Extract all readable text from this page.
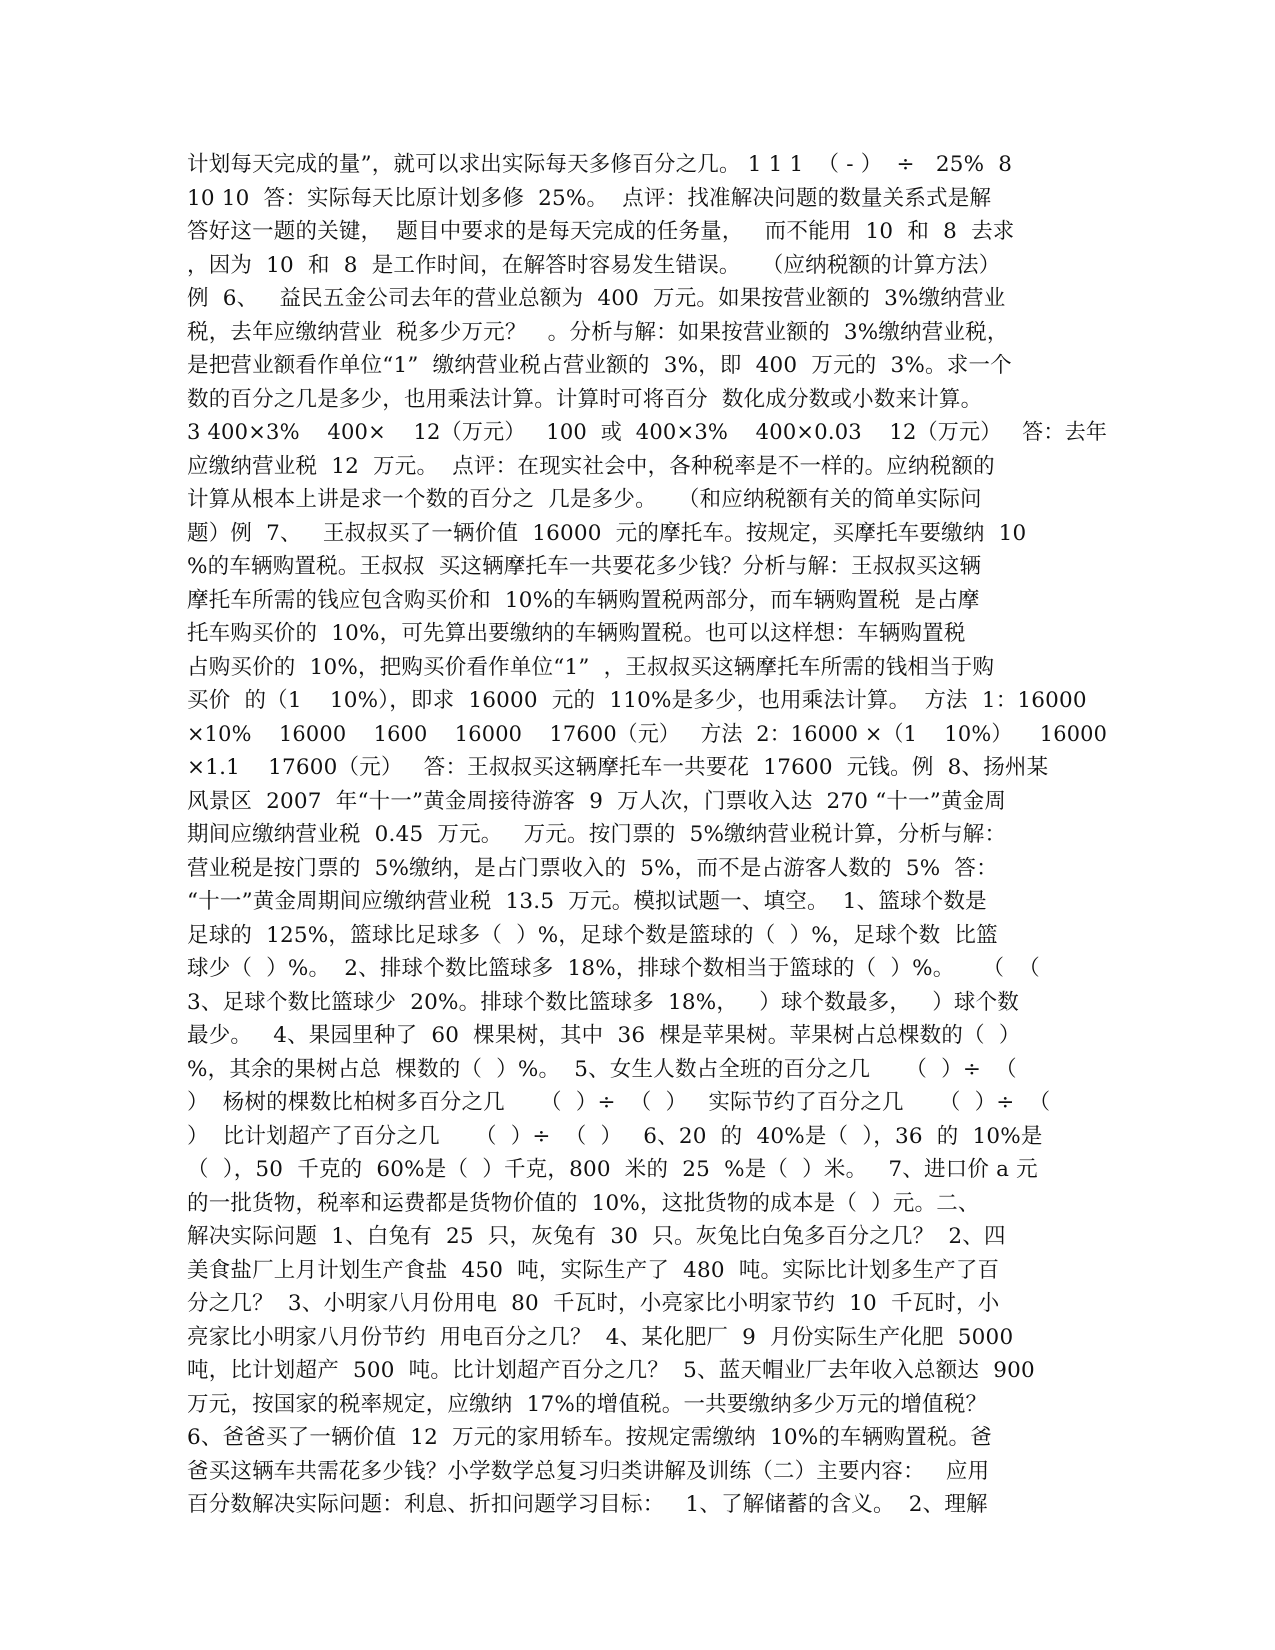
计划每天完成的量”，就可以求出实际每天多修百分之几。 1 1 1  （ - ）  ÷   25%  8
10 10  答：实际每天比原计划多修  25%。  点评：找准解决问题的数量关系式是解
答好这一题的关键，  题目中要求的是每天完成的任务量，   而不能用  10  和  8  去求
，因为  10  和  8  是工作时间，在解答时容易发生错误。   （应纳税额的计算方法）
例  6、   益民五金公司去年的营业总额为  400  万元。如果按营业额的  3%缴纳营业
税，去年应缴纳营业  税多少万元？   。分析与解：如果按营业额的  3%缴纳营业税，
是把营业额看作单位“1”  缴纳营业税占营业额的  3%，即  400  万元的  3%。求一个
数的百分之几是多少，也用乘法计算。计算时可将百分  数化成分数或小数来计算。
3 400×3%    400×    12（万元）   100  或  400×3%    400×0.03    12（万元）   答：去年
应缴纳营业税  12  万元。  点评：在现实社会中，各种税率是不一样的。应纳税额的
计算从根本上讲是求一个数的百分之  几是多少。   （和应纳税额有关的简单实际问
题）例  7、   王叔叔买了一辆价值  16000  元的摩托车。按规定，买摩托车要缴纳  10
%的车辆购置税。王叔叔  买这辆摩托车一共要花多少钱？分析与解：王叔叔买这辆
摩托车所需的钱应包含购买价和  10%的车辆购置税两部分，而车辆购置税  是占摩
托车购买价的  10%，可先算出要缴纳的车辆购置税。也可以这样想：车辆购置税
占购买价的  10%，把购买价看作单位“1”  ，王叔叔买这辆摩托车所需的钱相当于购
买价  的（1    10%），即求  16000  元的  110%是多少，也用乘法计算。  方法  1：16000
×10%    16000    1600    16000    17600（元）   方法  2：16000 ×（1    10%）    16000
×1.1    17600（元）   答：王叔叔买这辆摩托车一共要花  17600  元钱。例  8、扬州某
风景区  2007  年“十一”黄金周接待游客  9  万人次，门票收入达  270 “十一”黄金周
期间应缴纳营业税  0.45  万元。   万元。按门票的  5%缴纳营业税计算，分析与解：
营业税是按门票的  5%缴纳，是占门票收入的  5%，而不是占游客人数的  5%  答：
“十一”黄金周期间应缴纳营业税  13.5  万元。模拟试题一、填空。  1、篮球个数是
足球的  125%，篮球比足球多（  ）%，足球个数是篮球的（  ）%，足球个数  比篮
球少（  ）%。  2、排球个数比篮球多  18%，排球个数相当于篮球的（  ）%。    （  （
3、足球个数比篮球少  20%。排球个数比篮球多  18%，   ）球个数最多，   ）球个数
最少。   4、果园里种了  60  棵果树，其中  36  棵是苹果树。苹果树占总棵数的（  ）
%，其余的果树占总  棵数的（  ）%。  5、女生人数占全班的百分之几     （  ）÷  （
）  杨树的棵数比柏树多百分之几     （  ）÷  （  ）   实际节约了百分之几     （  ）÷  （
）  比计划超产了百分之几     （  ）÷  （  ）   6、20  的  40%是（  ），36  的  10%是
（  ），50  千克的  60%是（  ）千克，800  米的  25  %是（  ）米。   7、进口价 a 元
的一批货物，税率和运费都是货物价值的  10%，这批货物的成本是（  ）元。二、
解决实际问题  1、白兔有  25  只，灰兔有  30  只。灰兔比白兔多百分之几？  2、四
美食盐厂上月计划生产食盐  450  吨，实际生产了  480  吨。实际比计划多生产了百
分之几？  3、小明家八月份用电  80  千瓦时，小亮家比小明家节约  10  千瓦时，小
亮家比小明家八月份节约  用电百分之几？  4、某化肥厂  9  月份实际生产化肥  5000
吨，比计划超产  500  吨。比计划超产百分之几？  5、蓝天帽业厂去年收入总额达  900
万元，按国家的税率规定，应缴纳  17%的增值税。一共要缴纳多少万元的增值税？
6、爸爸买了一辆价值  12  万元的家用轿车。按规定需缴纳  10%的车辆购置税。爸
爸买这辆车共需花多少钱？小学数学总复习归类讲解及训练（二）主要内容：   应用
百分数解决实际问题：利息、折扣问题学习目标：   1、了解储蓄的含义。  2、理解
